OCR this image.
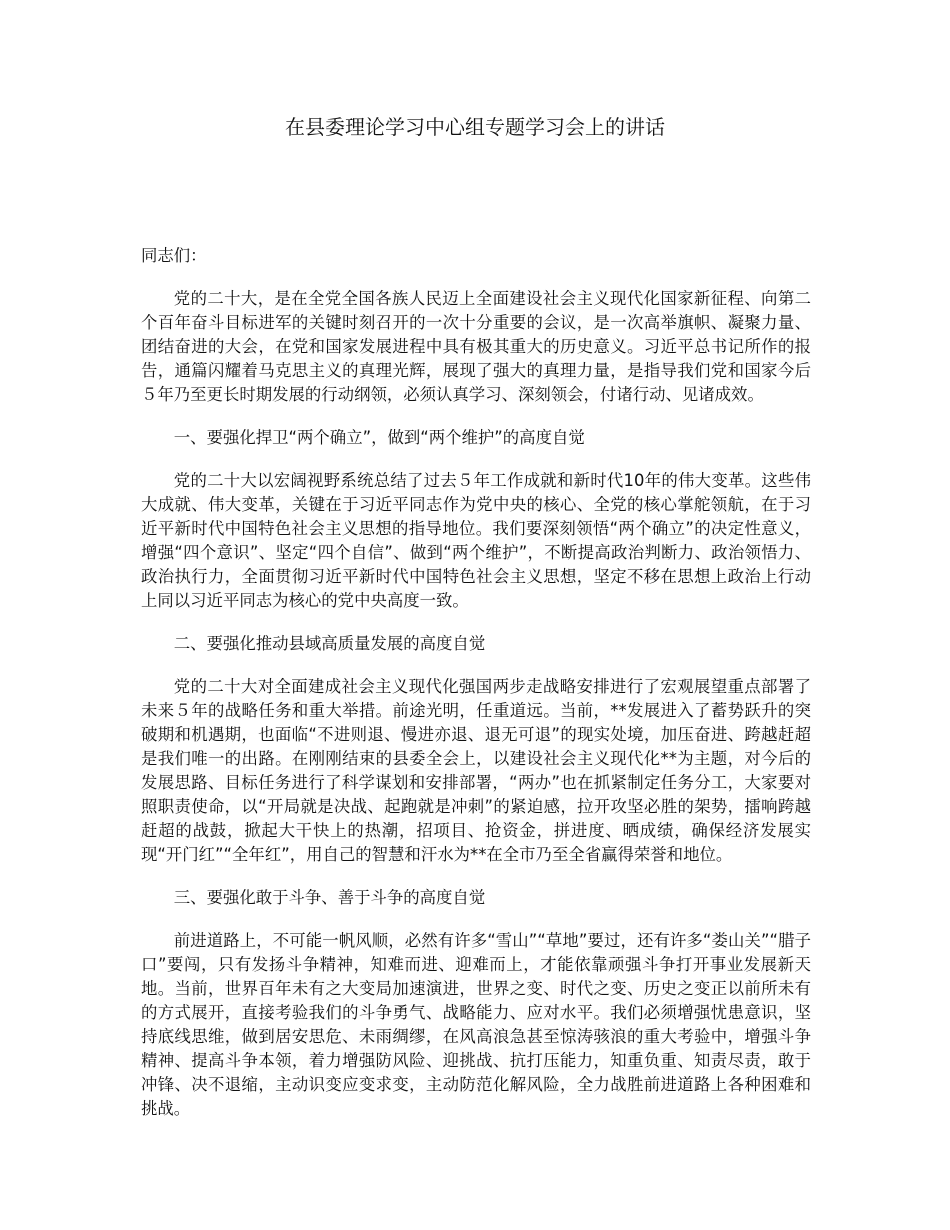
在县委理论学习中心组专题学习会上的讲话

同志们：

党的二十大，是在全党全国各族人民迈上全面建设社会主义现代化国家新征程、向第二个百年奋斗目标进军的关键时刻召开的一次十分重要的会议，是一次高举旗帜、凝聚力量、团结奋进的大会，在党和国家发展进程中具有极其重大的历史意义。习近平总书记所作的报告，通篇闪耀着马克思主义的真理光辉，展现了强大的真理力量，是指导我们党和国家今后５年乃至更长时期发展的行动纲领，必须认真学习、深刻领会，付诸行动、见诸成效。

一、要强化捍卫“两个确立”，做到“两个维护”的高度自觉

党的二十大以宏阔视野系统总结了过去５年工作成就和新时代10年的伟大变革。这些伟大成就、伟大变革，关键在于习近平同志作为党中央的核心、全党的核心掌舵领航，在于习近平新时代中国特色社会主义思想的指导地位。我们要深刻领悟“两个确立”的决定性意义，增强“四个意识”、坚定“四个自信”、做到“两个维护”，不断提高政治判断力、政治领悟力、政治执行力，全面贯彻习近平新时代中国特色社会主义思想，坚定不移在思想上政治上行动上同以习近平同志为核心的党中央高度一致。

二、要强化推动县域高质量发展的高度自觉

党的二十大对全面建成社会主义现代化强国两步走战略安排进行了宏观展望重点部署了未来５年的战略任务和重大举措。前途光明，任重道远。当前，**发展进入了蓄势跃升的突破期和机遇期，也面临“不进则退、慢进亦退、退无可退”的现实处境，加压奋进、跨越赶超是我们唯一的出路。在刚刚结束的县委全会上，以建设社会主义现代化**为主题，对今后的发展思路、目标任务进行了科学谋划和安排部署，“两办”也在抓紧制定任务分工，大家要对照职责使命，以“开局就是决战、起跑就是冲刺”的紧迫感，拉开攻坚必胜的架势，擂响跨越赶超的战鼓，掀起大干快上的热潮，招项目、抢资金，拼进度、晒成绩，确保经济发展实现“开门红”“全年红”，用自己的智慧和汗水为**在全市乃至全省赢得荣誉和地位。

三、要强化敢于斗争、善于斗争的高度自觉

前进道路上，不可能一帆风顺，必然有许多“雪山”“草地”要过，还有许多“娄山关”“腊子口”要闯，只有发扬斗争精神，知难而进、迎难而上，才能依靠顽强斗争打开事业发展新天地。当前，世界百年未有之大变局加速演进，世界之变、时代之变、历史之变正以前所未有的方式展开，直接考验我们的斗争勇气、战略能力、应对水平。我们必须增强忧患意识，坚持底线思维，做到居安思危、未雨绸缪，在风高浪急甚至惊涛骇浪的重大考验中，增强斗争精神、提高斗争本领，着力增强防风险、迎挑战、抗打压能力，知重负重、知责尽责，敢于冲锋、决不退缩，主动识变应变求变，主动防范化解风险，全力战胜前进道路上各种困难和挑战。
